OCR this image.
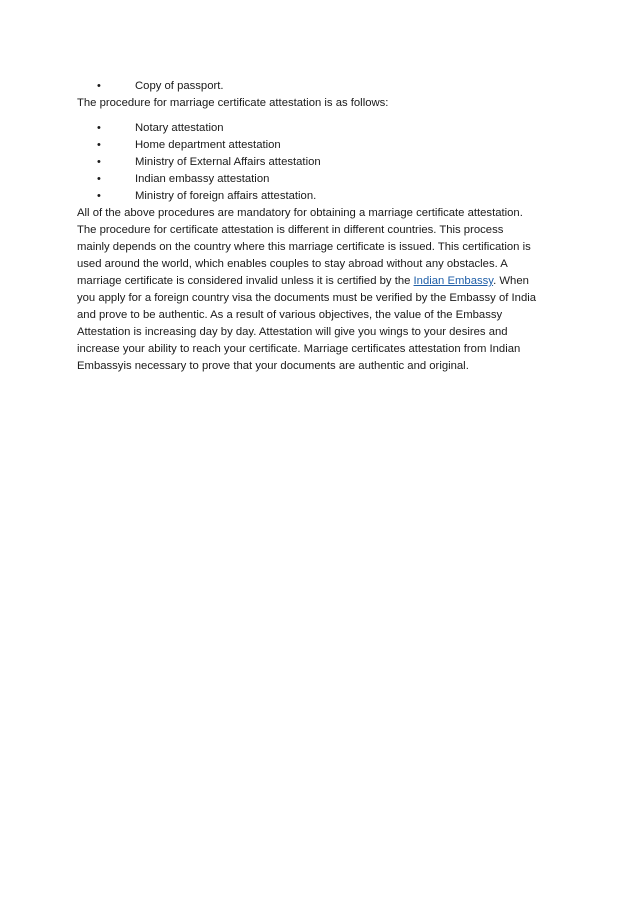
•	Copy of passport.

The procedure for marriage certificate attestation is as follows:

•	Notary attestation
•	Home department attestation
•	Ministry of External Affairs attestation
•	Indian embassy attestation
•	Ministry of foreign affairs attestation.

All of the above procedures are mandatory for obtaining a marriage certificate attestation.
The procedure for certificate attestation is different in different countries. This process
mainly depends on the country where this marriage certificate is issued. This certification is
used around the world, which enables couples to stay abroad without any obstacles. A
marriage certificate is considered invalid unless it is certified by the Indian Embassy. When
you apply for a foreign country visa the documents must be verified by the Embassy of India
and prove to be authentic. As a result of various objectives, the value of the Embassy
Attestation is increasing day by day. Attestation will give you wings to your desires and
increase your ability to reach your certificate. Marriage certificates attestation from Indian
Embassyis necessary to prove that your documents are authentic and original.
